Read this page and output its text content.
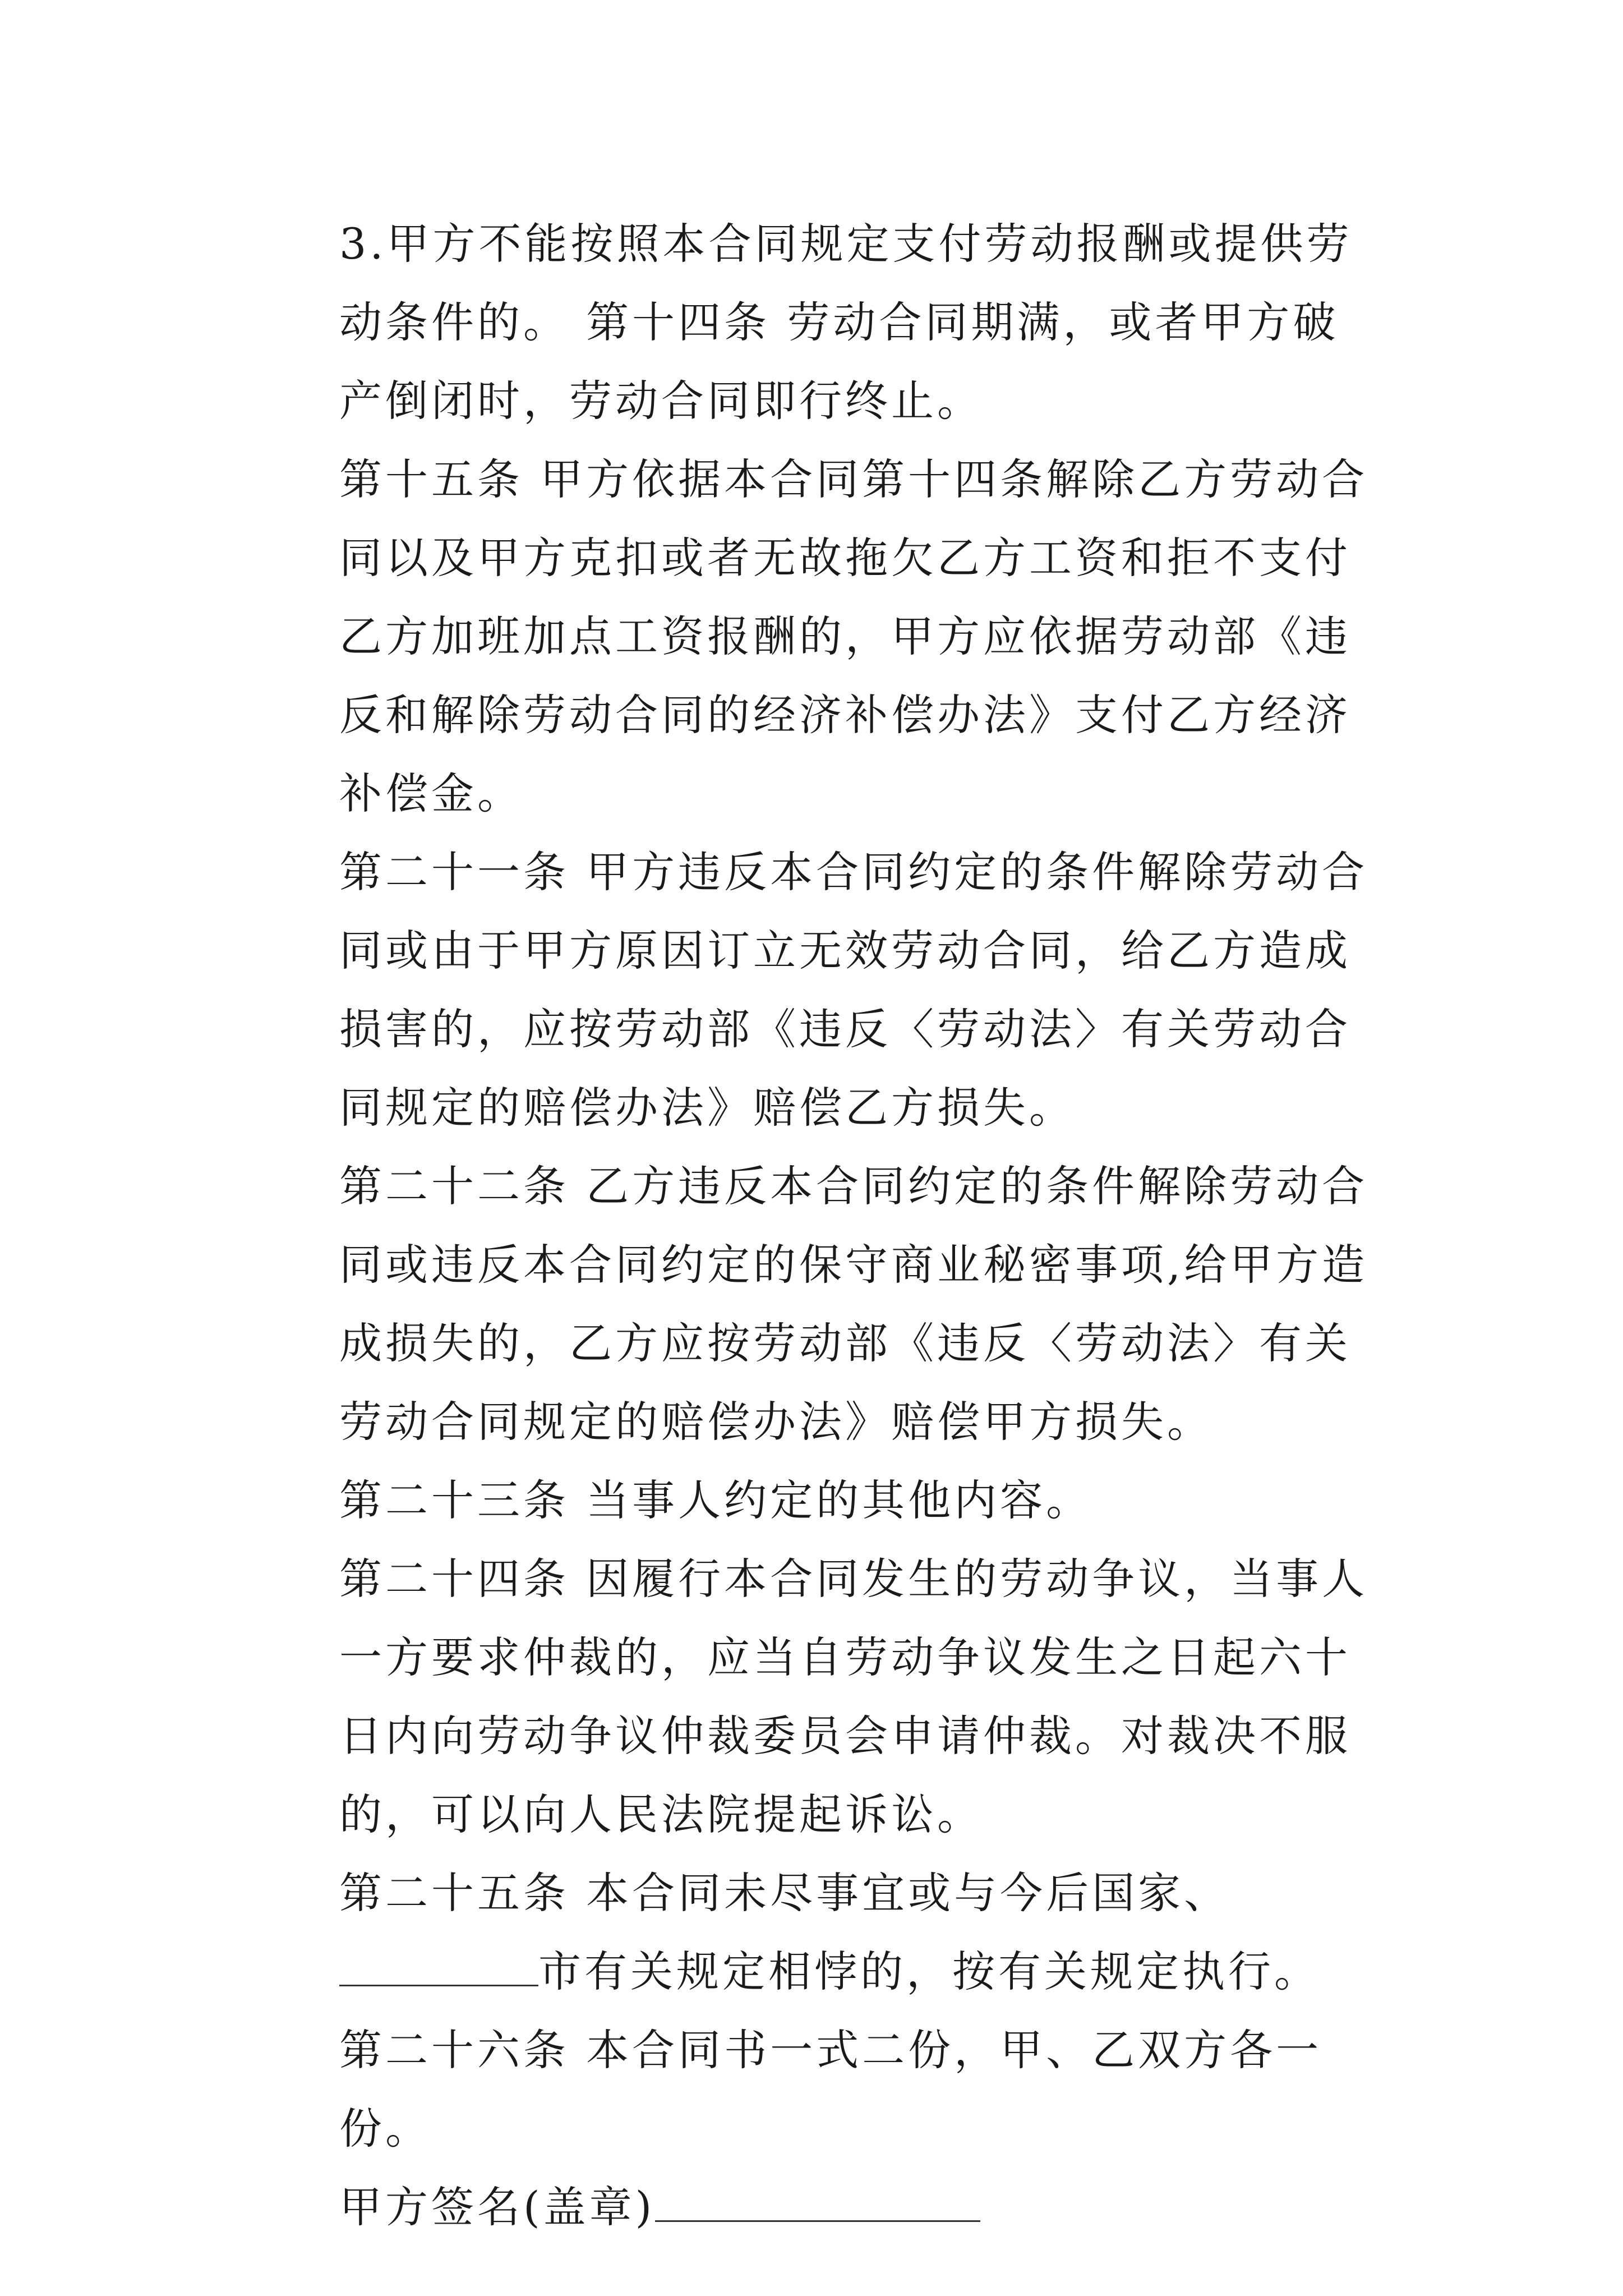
3.甲方不能按照本合同规定支付劳动报酬或提供劳动条件的。 第十四条 劳动合同期满，或者甲方破产倒闭时，劳动合同即行终止。

第十五条 甲方依据本合同第十四条解除乙方劳动合同以及甲方克扣或者无故拖欠乙方工资和拒不支付乙方加班加点工资报酬的，甲方应依据劳动部《违反和解除劳动合同的经济补偿办法》支付乙方经济补偿金。

第二十一条 甲方违反本合同约定的条件解除劳动合同或由于甲方原因订立无效劳动合同，给乙方造成损害的，应按劳动部《违反〈劳动法〉有关劳动合同规定的赔偿办法》赔偿乙方损失。

第二十二条 乙方违反本合同约定的条件解除劳动合同或违反本合同约定的保守商业秘密事项,给甲方造成损失的，乙方应按劳动部《违反〈劳动法〉有关劳动合同规定的赔偿办法》赔偿甲方损失。

第二十三条 当事人约定的其他内容。

第二十四条 因履行本合同发生的劳动争议，当事人一方要求仲裁的，应当自劳动争议发生之日起六十日内向劳动争议仲裁委员会申请仲裁。对裁决不服的，可以向人民法院提起诉讼。

第二十五条 本合同未尽事宜或与今后国家、市有关规定相悖的，按有关规定执行。

第二十六条 本合同书一式二份，甲、乙双方各一份。

甲方签名(盖章)
